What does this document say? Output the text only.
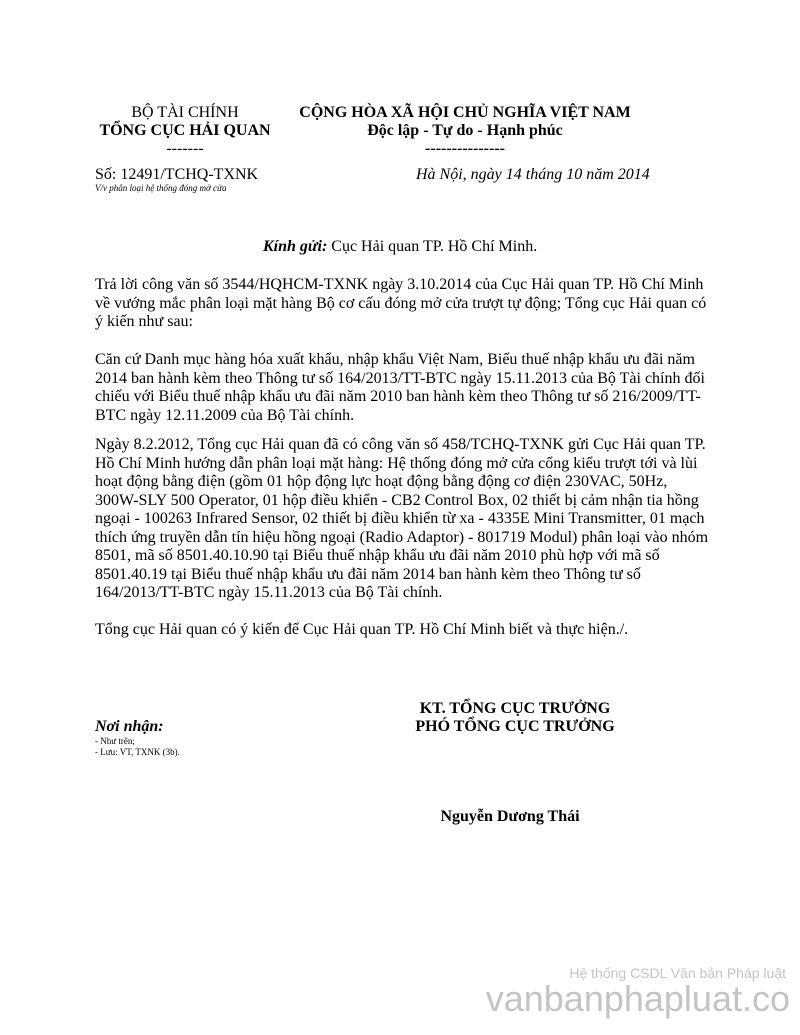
BỘ TÀI CHÍNH
TỔNG CỤC HẢI QUAN
-------
CỘNG HÒA XÃ HỘI CHỦ NGHĨA VIỆT NAM
Độc lập - Tự do - Hạnh phúc
---------------
Số: 12491/TCHQ-TXNK
V/v phân loại hệ thống đóng mở cửa
Hà Nội, ngày 14 tháng 10 năm 2014
Kính gửi: Cục Hải quan TP. Hồ Chí Minh.
Trả lời công văn số 3544/HQHCM-TXNK ngày 3.10.2014 của Cục Hải quan TP. Hồ Chí Minh về vướng mắc phân loại mặt hàng Bộ cơ cấu đóng mở cửa trượt tự động; Tổng cục Hải quan có ý kiến như sau:
Căn cứ Danh mục hàng hóa xuất khẩu, nhập khẩu Việt Nam, Biểu thuế nhập khẩu ưu đãi năm 2014 ban hành kèm theo Thông tư số 164/2013/TT-BTC ngày 15.11.2013 của Bộ Tài chính đối chiếu với Biểu thuế nhập khẩu ưu đãi năm 2010 ban hành kèm theo Thông tư số 216/2009/TT-BTC ngày 12.11.2009 của Bộ Tài chính.
Ngày 8.2.2012, Tổng cục Hải quan đã có công văn số 458/TCHQ-TXNK gửi Cục Hải quan TP. Hồ Chí Minh hướng dẫn phân loại mặt hàng: Hệ thống đóng mở cửa cổng kiểu trượt tới và lùi hoạt động bằng điện (gồm 01 hộp động lực hoạt động bằng động cơ điện 230VAC, 50Hz, 300W-SLY 500 Operator, 01 hộp điều khiển - CB2 Control Box, 02 thiết bị cảm nhận tia hồng ngoại - 100263 Infrared Sensor, 02 thiết bị điều khiển từ xa - 4335E Mini Transmitter, 01 mạch thích ứng truyền dẫn tín hiệu hồng ngoại (Radio Adaptor) - 801719 Modul) phân loại vào nhóm 8501, mã số 8501.40.10.90 tại Biểu thuế nhập khẩu ưu đãi năm 2010 phù hợp với mã số 8501.40.19 tại Biểu thuế nhập khẩu ưu đãi năm 2014 ban hành kèm theo Thông tư số 164/2013/TT-BTC ngày 15.11.2013 của Bộ Tài chính.
Tổng cục Hải quan có ý kiến để Cục Hải quan TP. Hồ Chí Minh biết và thực hiện./.
Nơi nhận:
- Như trên;
- Lưu: VT, TXNK (3b).
KT. TỔNG CỤC TRƯỞNG
PHÓ TỔNG CỤC TRƯỞNG
Nguyễn Dương Thái
Hệ thống CSDL Văn bản Pháp luật
vanbanphapluat.co
